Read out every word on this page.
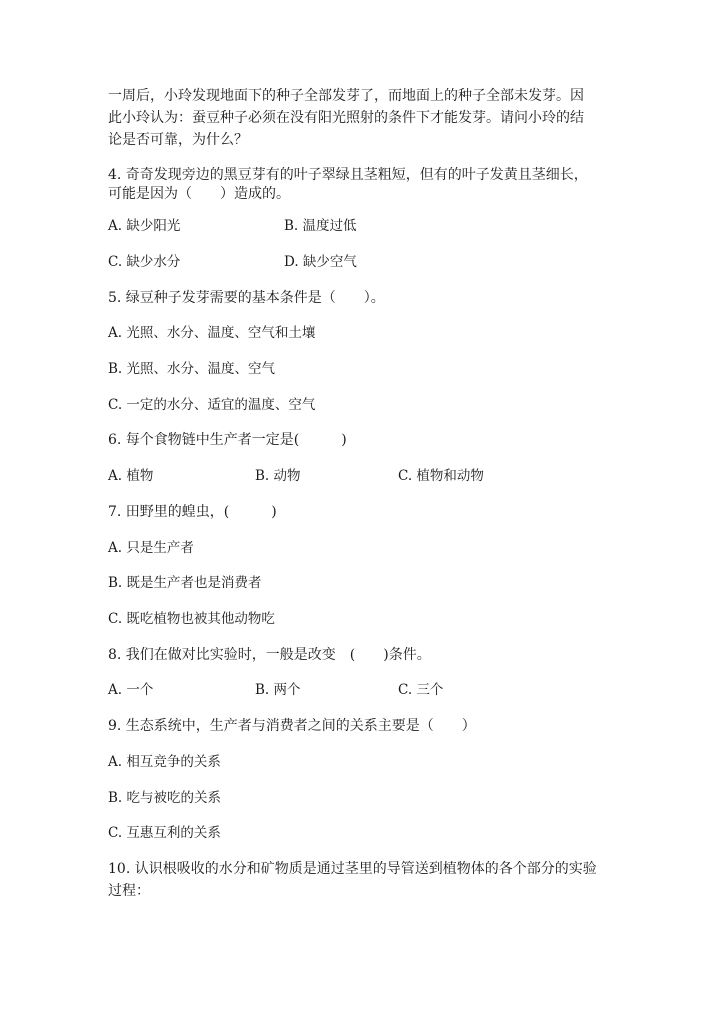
一周后，小玲发现地面下的种子全部发芽了，而地面上的种子全部未发芽。因
此小玲认为：蚕豆种子必须在没有阳光照射的条件下才能发芽。请问小玲的结
论是否可靠，为什么？
4. 奇奇发现旁边的黑豆芽有的叶子翠绿且茎粗短，但有的叶子发黄且茎细长，
可能是因为（　　）造成的。
A. 缺少阳光	B. 温度过低
C. 缺少水分	D. 缺少空气
5. 绿豆种子发芽需要的基本条件是（　　）。
A. 光照、水分、温度、空气和土壤
B. 光照、水分、温度、空气
C. 一定的水分、适宜的温度、空气
6. 每个食物链中生产者一定是(　　　)
A. 植物	B. 动物	C. 植物和动物
7. 田野里的蝗虫，(　　　)
A. 只是生产者
B. 既是生产者也是消费者
C. 既吃植物也被其他动物吃
8. 我们在做对比实验时，一般是改变　(　　)条件。
A. 一个	B. 两个	C. 三个
9. 生态系统中，生产者与消费者之间的关系主要是（　　）
A. 相互竞争的关系
B. 吃与被吃的关系
C. 互惠互利的关系
10. 认识根吸收的水分和矿物质是通过茎里的导管送到植物体的各个部分的实验
过程：
